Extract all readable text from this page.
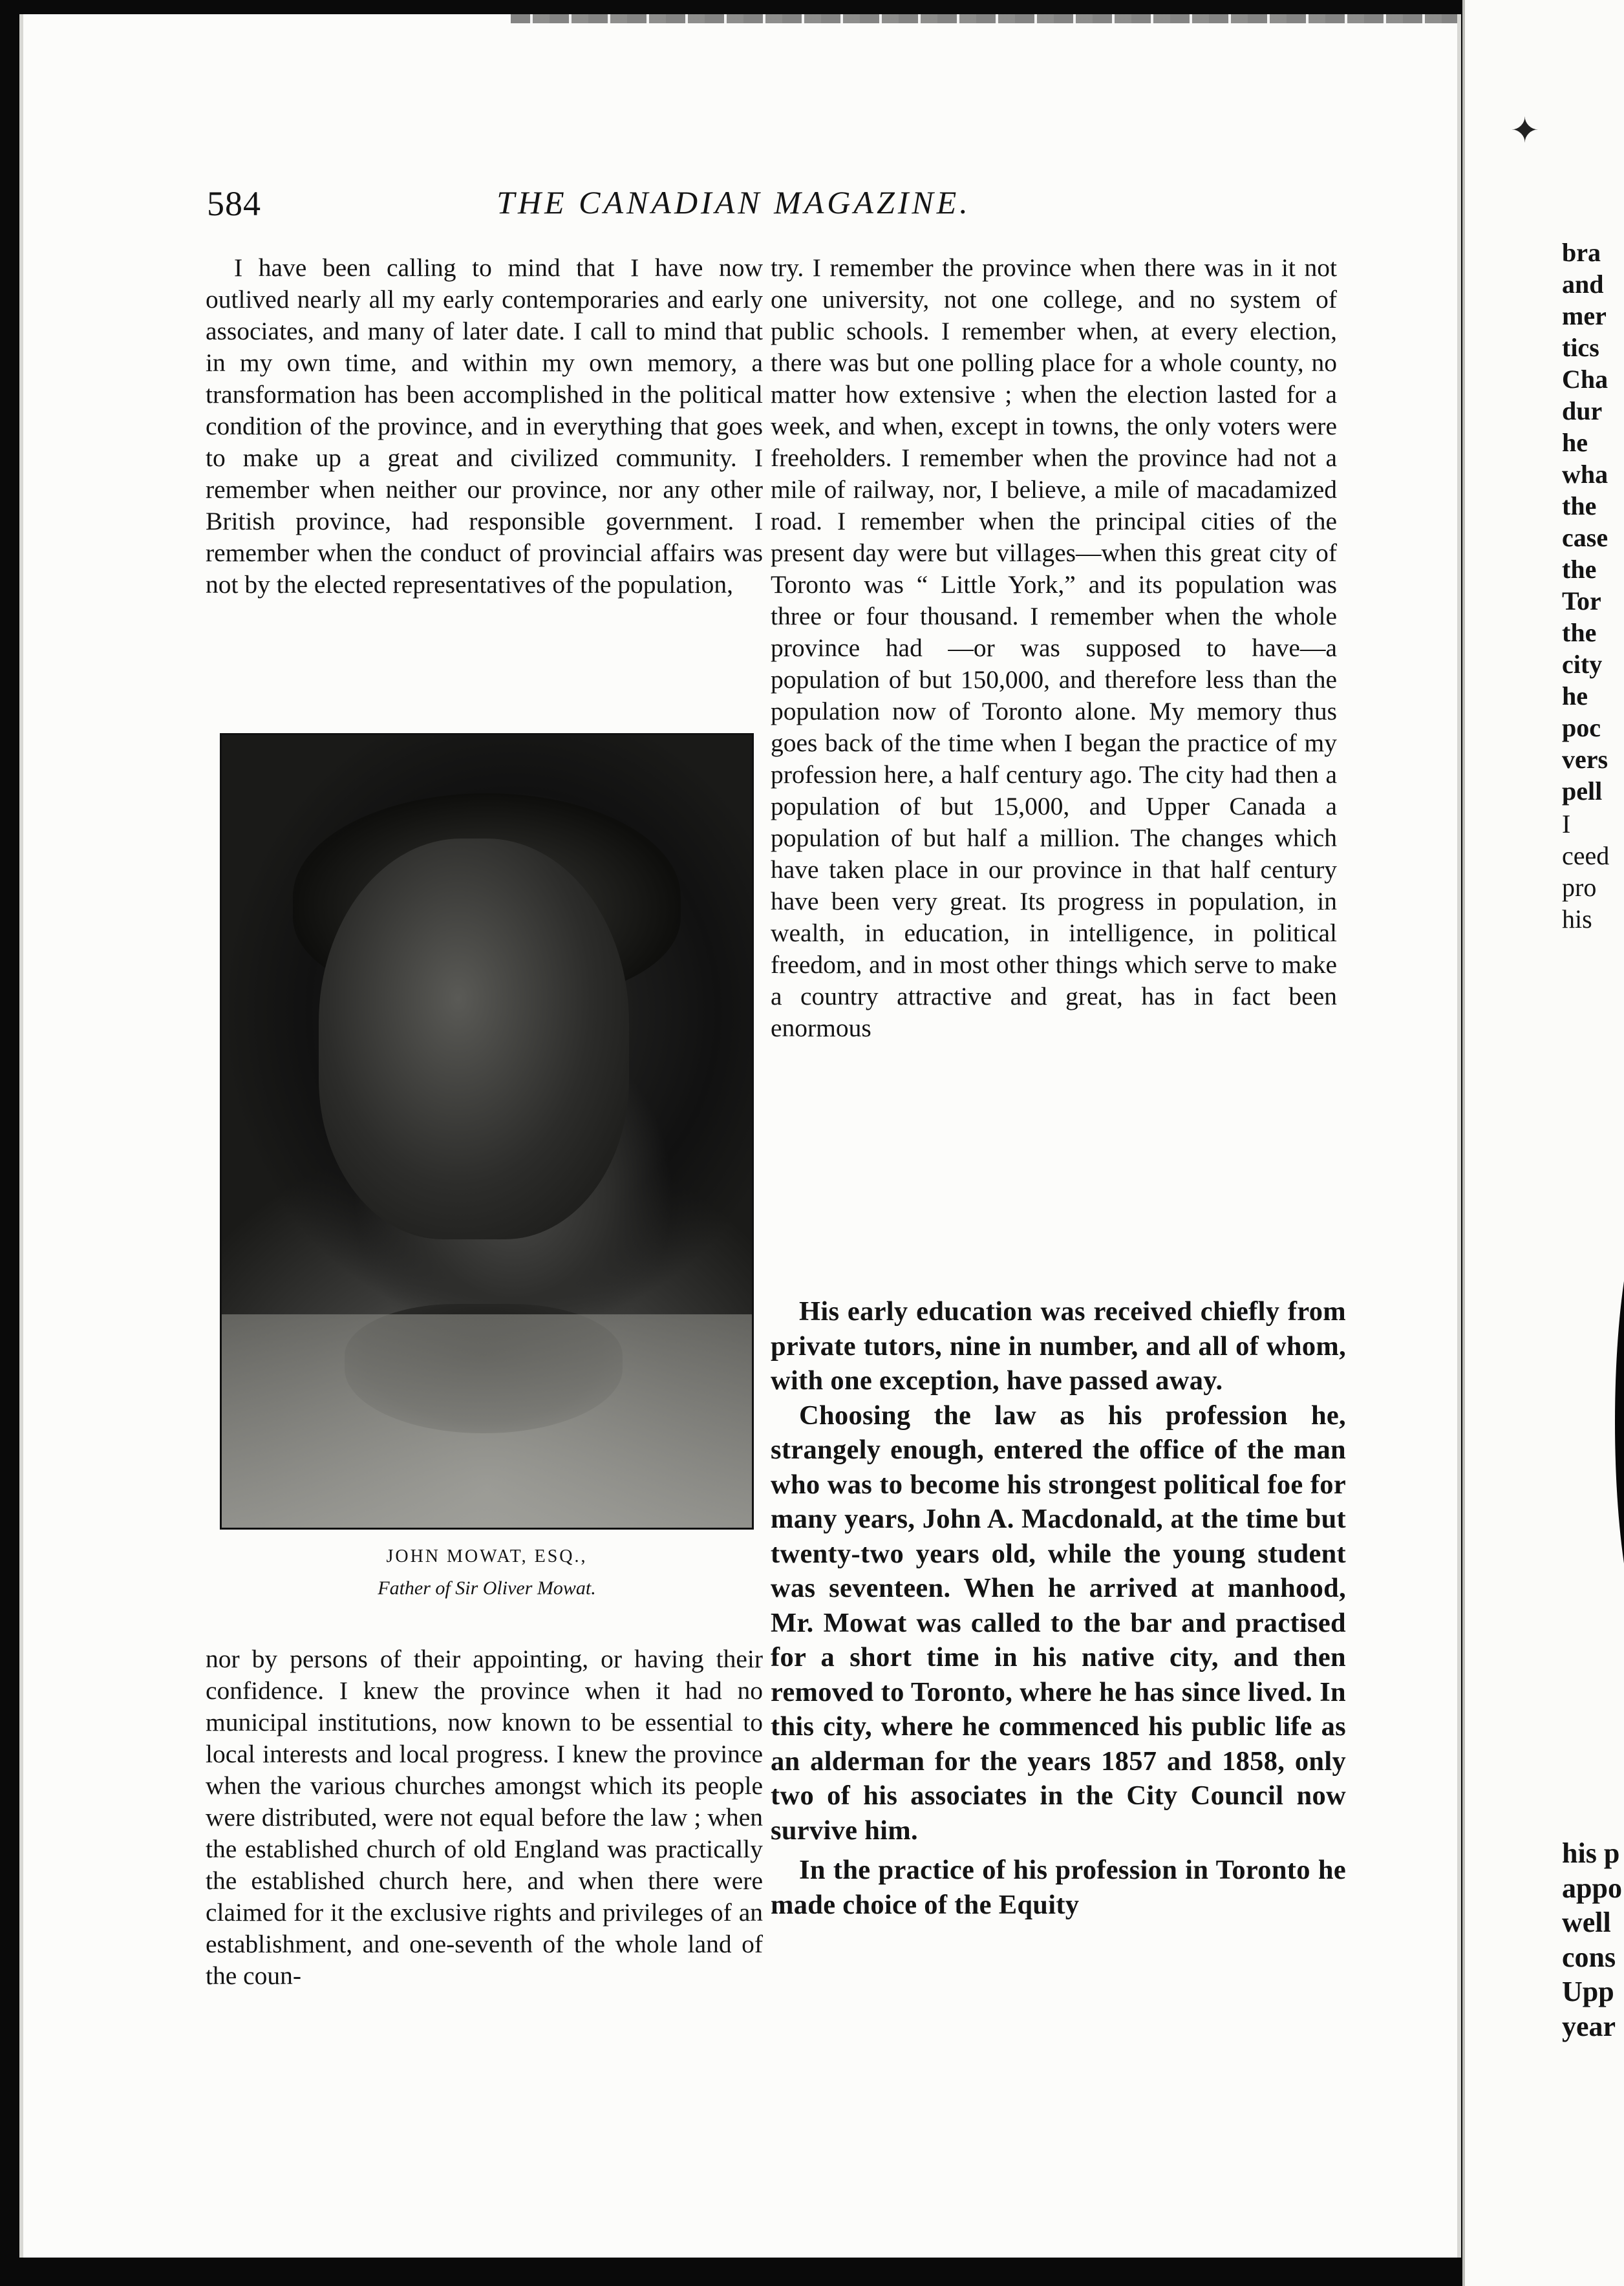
584	THE CANADIAN MAGAZINE.

I have been calling to mind that I have now outlived nearly all my early contemporaries and early associates, and many of later date. I call to mind that in my own time, and within my own memory, a transformation has been accomplished in the political condition of the province, and in everything that goes to make up a great and civilized community. I remember when neither our province, nor any other British province, had responsible government. I remember when the conduct of provincial affairs was not by the elected representatives of the population,

JOHN MOWAT, ESQ.,
Father of Sir Oliver Mowat.

nor by persons of their appointing, or having their confidence. I knew the province when it had no municipal institutions, now known to be essential to local interests and local progress. I knew the province when the various churches amongst which its people were distributed, were not equal before the law ; when the established church of old England was practically the established church here, and when there were claimed for it the exclusive rights and privileges of an establishment, and one-seventh of the whole land of the coun-

try. I remember the province when there was in it not one university, not one college, and no system of public schools. I remember when, at every election, there was but one polling place for a whole county, no matter how extensive ; when the election lasted for a week, and when, except in towns, the only voters were freeholders. I remember when the province had not a mile of railway, nor, I believe, a mile of macadamized road. I remember when the principal cities of the present day were but villages—when this great city of Toronto was “ Little York,” and its population was three or four thousand. I remember when the whole province had —or was supposed to have—a population of but 150,000, and therefore less than the population now of Toronto alone. My memory thus goes back of the time when I began the practice of my profession here, a half century ago. The city had then a population of but 15,000, and Upper Canada a population of but half a million. The changes which have taken place in our province in that half century have been very great. Its progress in population, in wealth, in education, in intelligence, in political freedom, and in most other things which serve to make a country attractive and great, has in fact been enormous

His early education was received chiefly from private tutors, nine in number, and all of whom, with one exception, have passed away.

Choosing the law as his profession he, strangely enough, entered the office of the man who was to become his strongest political foe for many years, John A. Macdonald, at the time but twenty-two years old, while the young student was seventeen. When he arrived at manhood, Mr. Mowat was called to the bar and practised for a short time in his native city, and then removed to Toronto, where he has since lived. In this city, where he commenced his public life as an alderman for the years 1857 and 1858, only two of his associates in the City Council now survive him.

In the practice of his profession in Toronto he made choice of the Equity

✦
bra
and
mer
tics
Cha
dur
he
wha
the
case
the
Tor
the
city
he
poc
vers
pell
I
ceed
pro
his
his p
appo
well
cons
Upp
year
